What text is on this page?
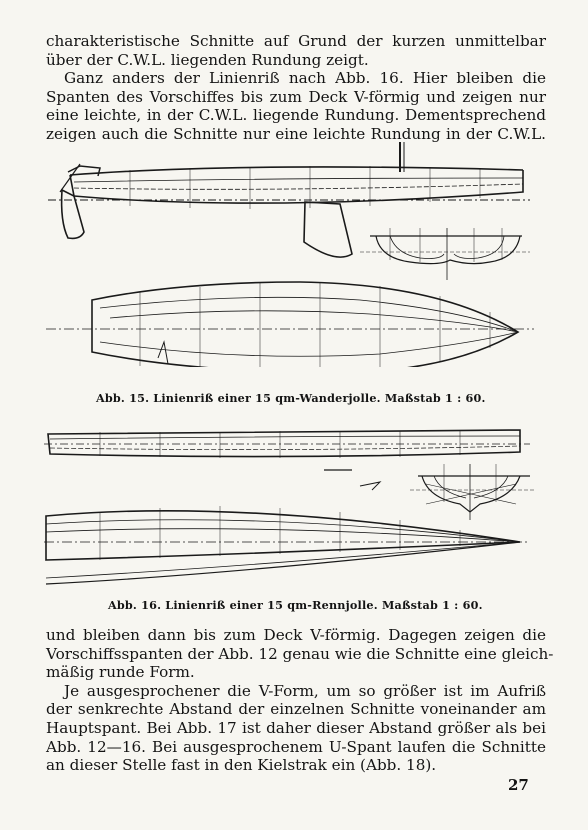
charakteristische Schnitte auf Grund der kurzen unmittelbar
über der C.W.L. liegenden Rundung zeigt.
Ganz anders der Linienriß nach Abb. 16. Hier bleiben die
Spanten des Vorschiffes bis zum Deck V-förmig und zeigen nur
eine leichte, in der C.W.L. liegende Rundung. Dementsprechend
zeigen auch die Schnitte nur eine leichte Rundung in der C.W.L.
Abb. 15. Linienriß einer 15 qm-Wanderjolle. Maßstab 1 : 60.
Abb. 16. Linienriß einer 15 qm-Rennjolle. Maßstab 1 : 60.
und bleiben dann bis zum Deck V-förmig. Dagegen zeigen die
Vorschiffsspanten der Abb. 12 genau wie die Schnitte eine gleich-
mäßig runde Form.
Je ausgesprochener die V-Form, um so größer ist im Aufriß
der senkrechte Abstand der einzelnen Schnitte voneinander am
Hauptspant. Bei Abb. 17 ist daher dieser Abstand größer als bei
Abb. 12—16. Bei ausgesprochenem U-Spant laufen die Schnitte
an dieser Stelle fast in den Kielstrak ein (Abb. 18).
27
